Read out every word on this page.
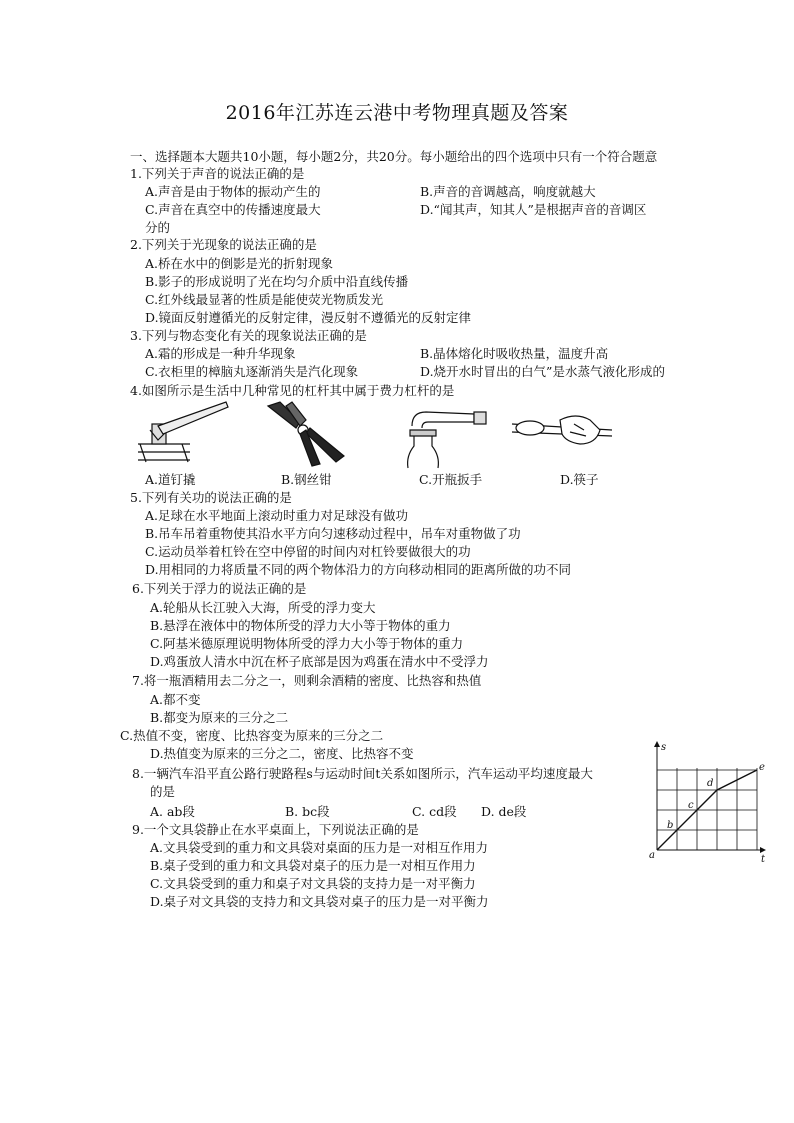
2016年江苏连云港中考物理真题及答案
一、选择题本大题共10小题，每小题2分，共20分。每小题给出的四个选项中只有一个符合题意
1.下列关于声音的说法正确的是
A.声音是由于物体的振动产生的	B.声音的音调越高，响度就越大
C.声音在真空中的传播速度最大	D.“闻其声，知其人”是根据声音的音调区
分的
2.下列关于光现象的说法正确的是
A.桥在水中的倒影是光的折射现象
B.影子的形成说明了光在均匀介质中沿直线传播
C.红外线最显著的性质是能使荧光物质发光
D.镜面反射遵循光的反射定律，漫反射不遵循光的反射定律
3.下列与物态变化有关的现象说法正确的是
A.霜的形成是一种升华现象	B.晶体熔化时吸收热量，温度升高
C.衣柜里的樟脑丸逐渐消失是汽化现象	D.烧开水时冒出的白气”是水蒸气液化形成的
4.如图所示是生活中几种常见的杠杆其中属于费力杠杆的是
A.道钉撬	B.钢丝钳	C.开瓶扳手	D.筷子
5.下列有关功的说法正确的是
A.足球在水平地面上滚动时重力对足球没有做功
B.吊车吊着重物使其沿水平方向匀速移动过程中，吊车对重物做了功
C.运动员举着杠铃在空中停留的时间内对杠铃要做很大的功
D.用相同的力将质量不同的两个物体沿力的方向移动相同的距离所做的功不同
6.下列关于浮力的说法正确的是
A.轮船从长江驶入大海，所受的浮力变大
B.悬浮在液体中的物体所受的浮力大小等于物体的重力
C.阿基米德原理说明物体所受的浮力大小等于物体的重力
D.鸡蛋放人清水中沉在杯子底部是因为鸡蛋在清水中不受浮力
7.将一瓶酒精用去二分之一，则剩余酒精的密度、比热容和热值
A.都不变
B.都变为原来的三分之二
C.热值不变，密度、比热容变为原来的三分之二
D.热值变为原来的三分之二，密度、比热容不变
8.一辆汽车沿平直公路行驶路程s与运动时间t关系如图所示，汽车运动平均速度最大
的是
A. ab段	B. bc段	C. cd段 D. de段
s
t
a
b
c
d
e
9.一个文具袋静止在水平桌面上，下列说法正确的是
A.文具袋受到的重力和文具袋对桌面的压力是一对相互作用力
B.桌子受到的重力和文具袋对桌子的压力是一对相互作用力
C.文具袋受到的重力和桌子对文具袋的支持力是一对平衡力
D.桌子对文具袋的支持力和文具袋对桌子的压力是一对平衡力
